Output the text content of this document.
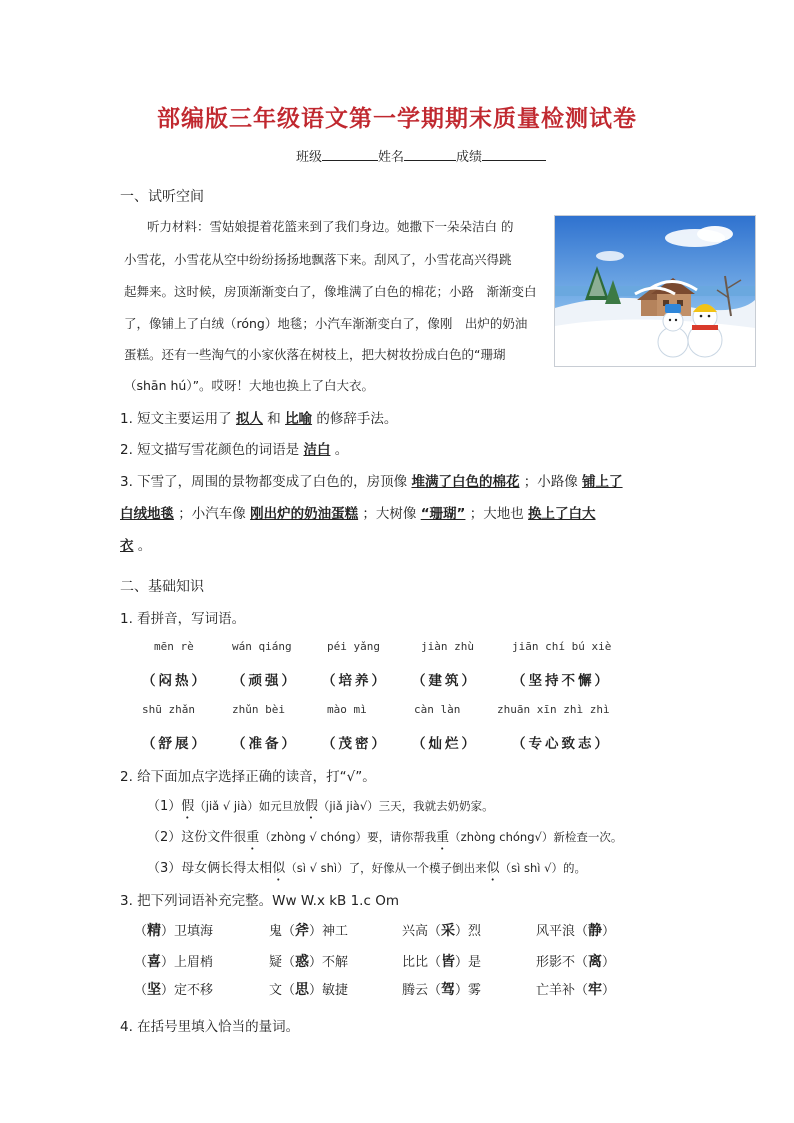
部编版三年级语文第一学期期末质量检测试卷
班级	姓名	成绩
一、试听空间
听力材料：雪姑娘提着花篮来到了我们身边。她撒下一朵朵洁白 的
小雪花，小雪花从空中纷纷扬扬地飘落下来。刮风了，小雪花高兴得跳
起舞来。这时候，房顶渐渐变白了，像堆满了白色的棉花；小路　渐渐变白
了，像铺上了白绒（róng）地毯；小汽车渐渐变白了，像刚　出炉的奶油
蛋糕。还有一些淘气的小家伙落在树枝上，把大树妆扮成白色的“珊瑚
（shān hú）”。哎呀！大地也换上了白大衣。
1. 短文主要运用了 拟人 和 比喻 的修辞手法。
2. 短文描写雪花颜色的词语是 洁白 。
3. 下雪了，周围的景物都变成了白色的，房顶像 堆满了白色的棉花 ；小路像 铺上了
白绒地毯 ；小汽车像 刚出炉的奶油蛋糕 ；大树像 “珊瑚” ；大地也 换上了白大
衣 。
二、基础知识
1. 看拼音，写词语。
mēn rè	wán qiáng	péi yǎng	jiàn zhù	jiān chí bú xiè
（闷热） （顽强） （培养） （建筑）	（坚持不懈）
shū zhǎn	zhǔn bèi	mào mì	càn làn	zhuān xīn zhì zhì
（舒展） （准备） （茂密） （灿烂）	（专心致志）
2. 给下面加点字选择正确的读音，打“√”。
（1）假（jiǎ √ jià）如元旦放假（jiǎ jià√）三天，我就去奶奶家。
（2）这份文件很重（zhòng √ chóng）要，请你帮我重（zhòng chóng√）新检查一次。
（3）母女俩长得太相似（sì √ shì）了，好像从一个模子倒出来似（sì shì √）的。
3. 把下列词语补充完整。Ww W.x kB 1.c Om
（精）卫填海	鬼（斧）神工	兴高（采）烈	风平浪（静）
（喜）上眉梢	疑（惑）不解	比比（皆）是	形影不（离）
（坚）定不移	文（思）敏捷	腾云（驾）雾	亡羊补（牢）
4. 在括号里填入恰当的量词。
